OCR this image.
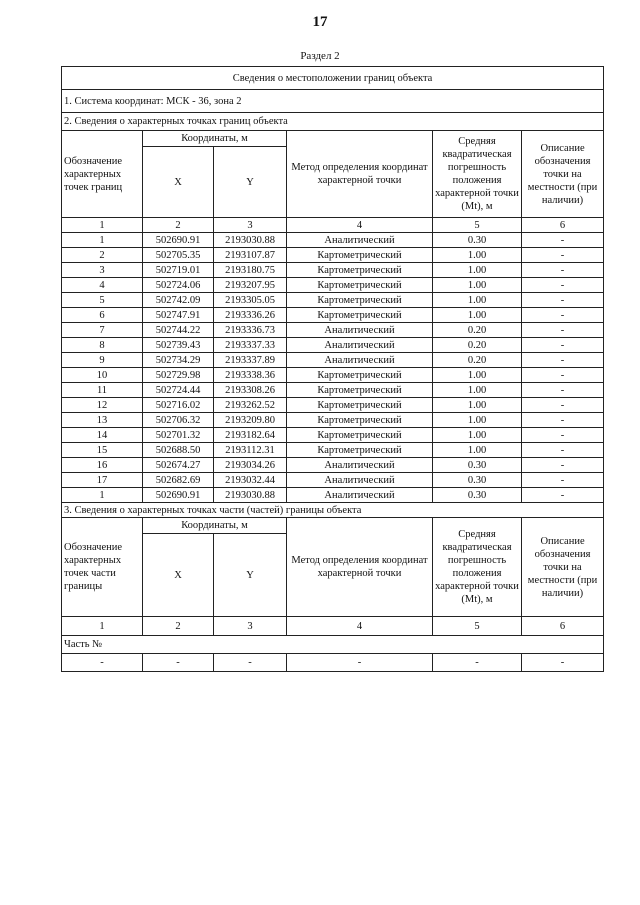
17
Раздел 2
Сведения о местоположении границ объекта					
1. Система координат: МСК - 36, зона 2					
2. Сведения о характерных точках границ объекта					
Обозначение характерных точек границ	Координаты, м		Метод определения координат характерной точки	Средняя квадратическая погрешность положения характерной точки (Mt), м	Описание обозначения точки на местности (при наличии)
	X	Y			
1	2	3	4	5	6
1	502690.91	2193030.88	Аналитический	0.30	-
2	502705.35	2193107.87	Картометрический	1.00	-
3	502719.01	2193180.75	Картометрический	1.00	-
4	502724.06	2193207.95	Картометрический	1.00	-
5	502742.09	2193305.05	Картометрический	1.00	-
6	502747.91	2193336.26	Картометрический	1.00	-
7	502744.22	2193336.73	Аналитический	0.20	-
8	502739.43	2193337.33	Аналитический	0.20	-
9	502734.29	2193337.89	Аналитический	0.20	-
10	502729.98	2193338.36	Картометрический	1.00	-
11	502724.44	2193308.26	Картометрический	1.00	-
12	502716.02	2193262.52	Картометрический	1.00	-
13	502706.32	2193209.80	Картометрический	1.00	-
14	502701.32	2193182.64	Картометрический	1.00	-
15	502688.50	2193112.31	Картометрический	1.00	-
16	502674.27	2193034.26	Аналитический	0.30	-
17	502682.69	2193032.44	Аналитический	0.30	-
1	502690.91	2193030.88	Аналитический	0.30	-
3. Сведения о характерных точках части (частей) границы объекта					
Обозначение характерных точек части границы	Координаты, м		Метод определения координат характерной точки	Средняя квадратическая погрешность положения характерной точки (Mt), м	Описание обозначения точки на местности (при наличии)
	X	Y			
1	2	3	4	5	6
Часть №					
-	-	-	-	-	-
